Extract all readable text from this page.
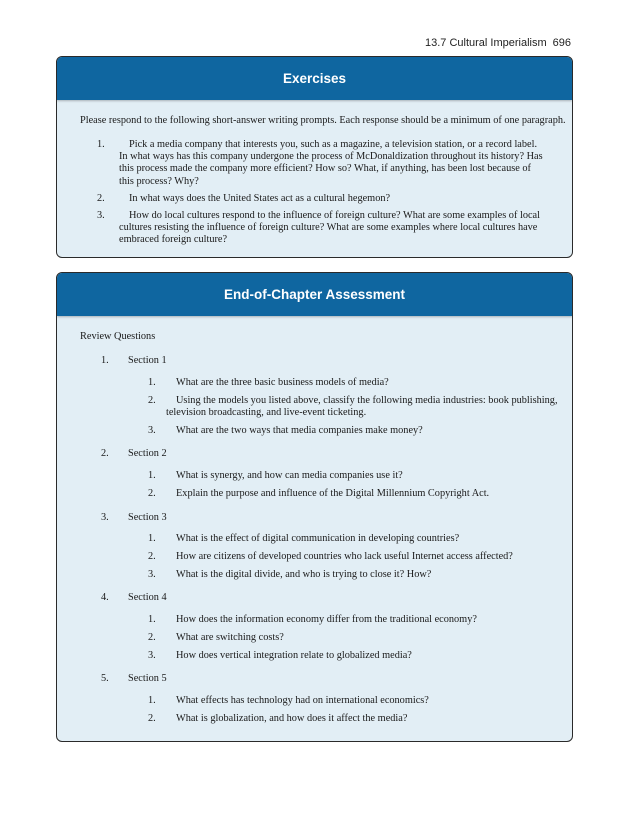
13.7 Cultural Imperialism 696
Exercises
Please respond to the following short-answer writing prompts. Each response should be a minimum of one paragraph.
1.	Pick a media company that interests you, such as a magazine, a television station, or a record label. In what ways has this company undergone the process of McDonaldization throughout its history? Has this process made the company more efficient? How so? What, if anything, has been lost because of this process? Why?
2.	In what ways does the United States act as a cultural hegemon?
3.	How do local cultures respond to the influence of foreign culture? What are some examples of local cultures resisting the influence of foreign culture? What are some examples where local cultures have embraced foreign culture?
End-of-Chapter Assessment
Review Questions
1. Section 1
1.	What are the three basic business models of media?
2.	Using the models you listed above, classify the following media industries: book publishing, television broadcasting, and live-event ticketing.
3.	What are the two ways that media companies make money?
2. Section 2
1.	What is synergy, and how can media companies use it?
2.	Explain the purpose and influence of the Digital Millennium Copyright Act.
3. Section 3
1.	What is the effect of digital communication in developing countries?
2.	How are citizens of developed countries who lack useful Internet access affected?
3.	What is the digital divide, and who is trying to close it? How?
4. Section 4
1.	How does the information economy differ from the traditional economy?
2.	What are switching costs?
3.	How does vertical integration relate to globalized media?
5. Section 5
1.	What effects has technology had on international economics?
2.	What is globalization, and how does it affect the media?
